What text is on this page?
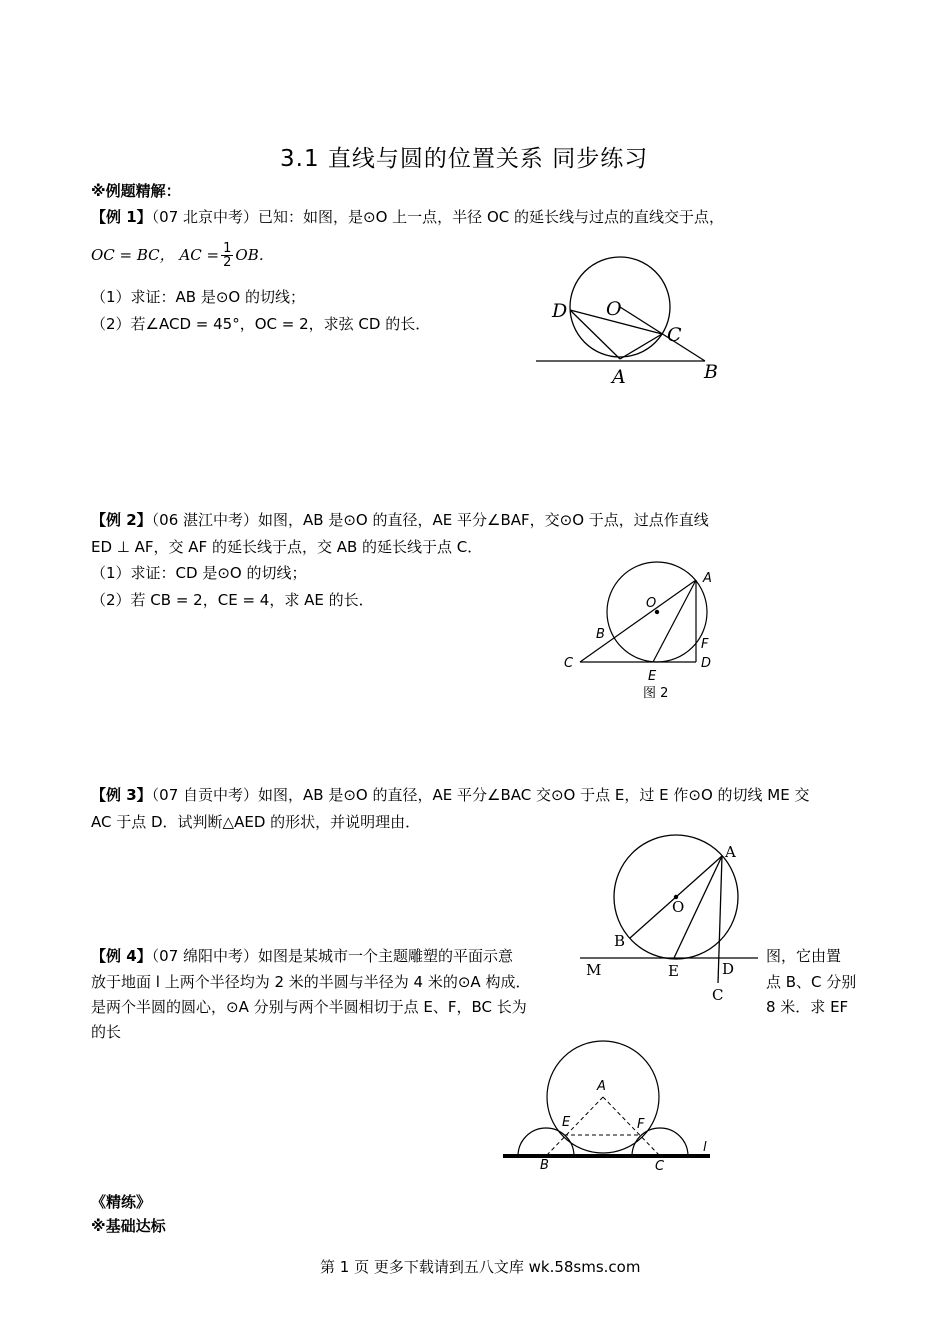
3.1 直线与圆的位置关系 同步练习
※例题精解：
【例 1】（07 北京中考）已知：如图，是⊙O 上一点，半径 OC 的延长线与过点的直线交于点，
OC = BC， AC = $\frac{1}{2}$ OB．
（1）求证：AB 是⊙O 的切线；
（2）若∠ACD = 45°，OC = 2，求弦 CD 的长．
D O
C
A	B
【例 2】（06 湛江中考）如图，AB 是⊙O 的直径，AE 平分∠BAF，交⊙O 于点，过点作直线
ED ⊥ AF，交 AF 的延长线于点，交 AB 的延长线于点 C．
（1）求证：CD 是⊙O 的切线；
（2）若 CB = 2，CE = 4，求 AE 的长．
A
O
B
F
C	D
E
图 2
【例 3】（07 自贡中考）如图，AB 是⊙O 的直径，AE 平分∠BAC 交⊙O 于点 E，过 E 作⊙O 的切线 ME 交
AC 于点 D．试判断△AED 的形状，并说明理由．
A
O
B
M	E	D
C
【例 4】（07 绵阳中考）如图是某城市一个主题雕塑的平面示意
放于地面 l 上两个半径均为 2 米的半圆与半径为 4 米的⊙A 构成．
是两个半圆的圆心，⊙A 分别与两个半圆相切于点 E、F，BC 长为
的长
图，它由置
点 B、C 分别
8 米．求 EF
A
E	F
l
B	C
《精练》
※基础达标
第 1 页 更多下载请到五八文库 wk.58sms.com
